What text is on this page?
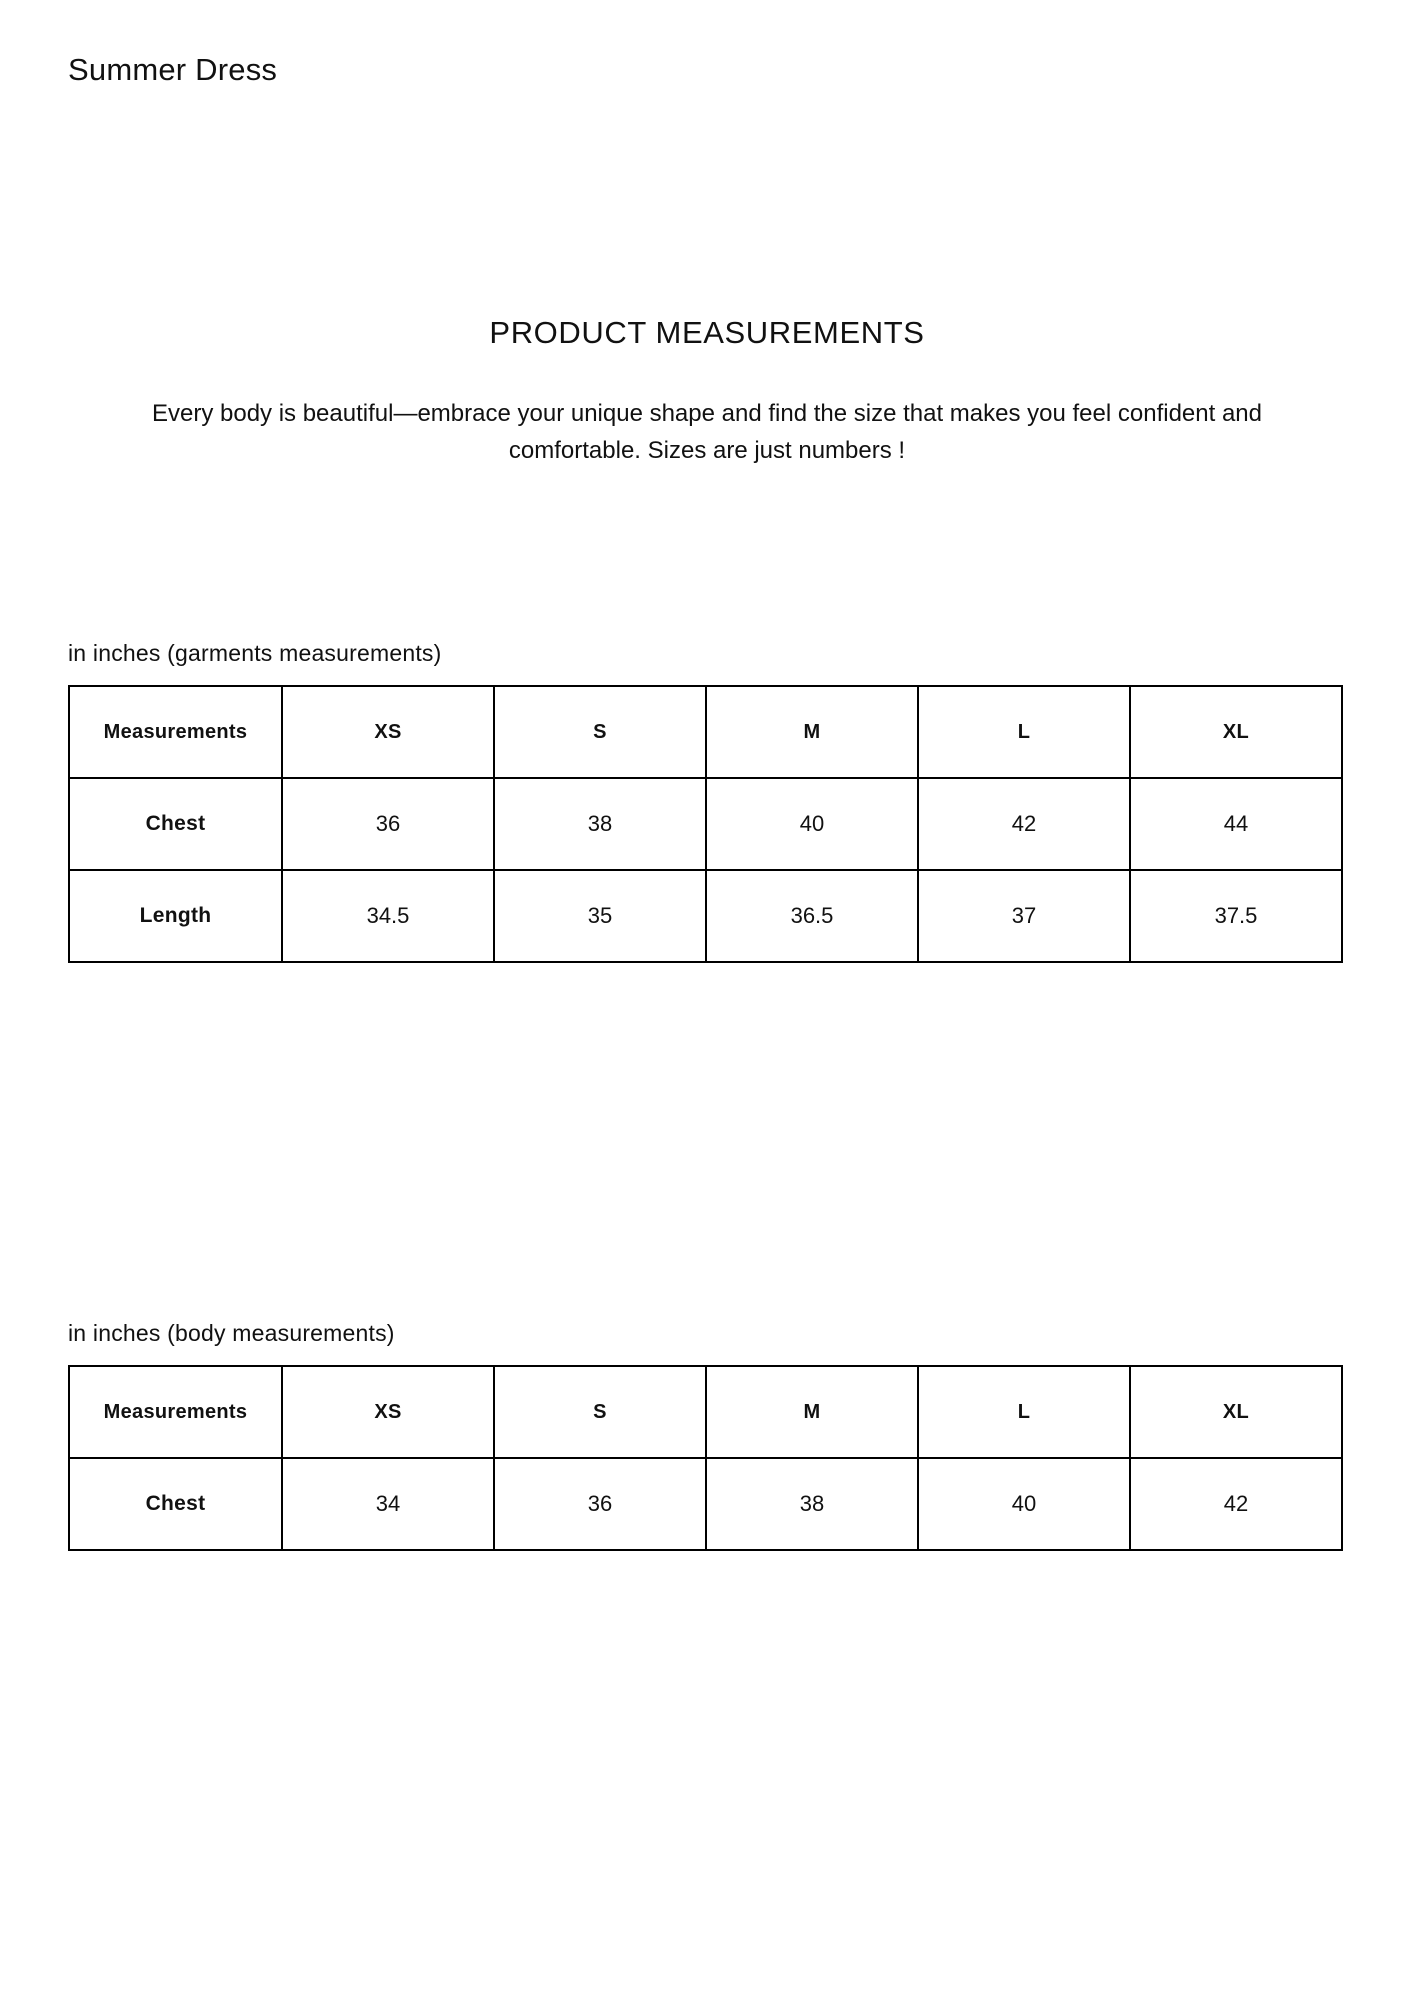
Summer Dress
PRODUCT MEASUREMENTS
Every body is beautiful—embrace your unique shape and find the size that makes you feel confident and comfortable. Sizes are just numbers !
in inches (garments measurements)
Measurements	XS	S	M	L	XL
Chest	36	38	40	42	44
Length	34.5	35	36.5	37	37.5
in inches (body measurements)
Measurements	XS	S	M	L	XL
Chest	34	36	38	40	42
